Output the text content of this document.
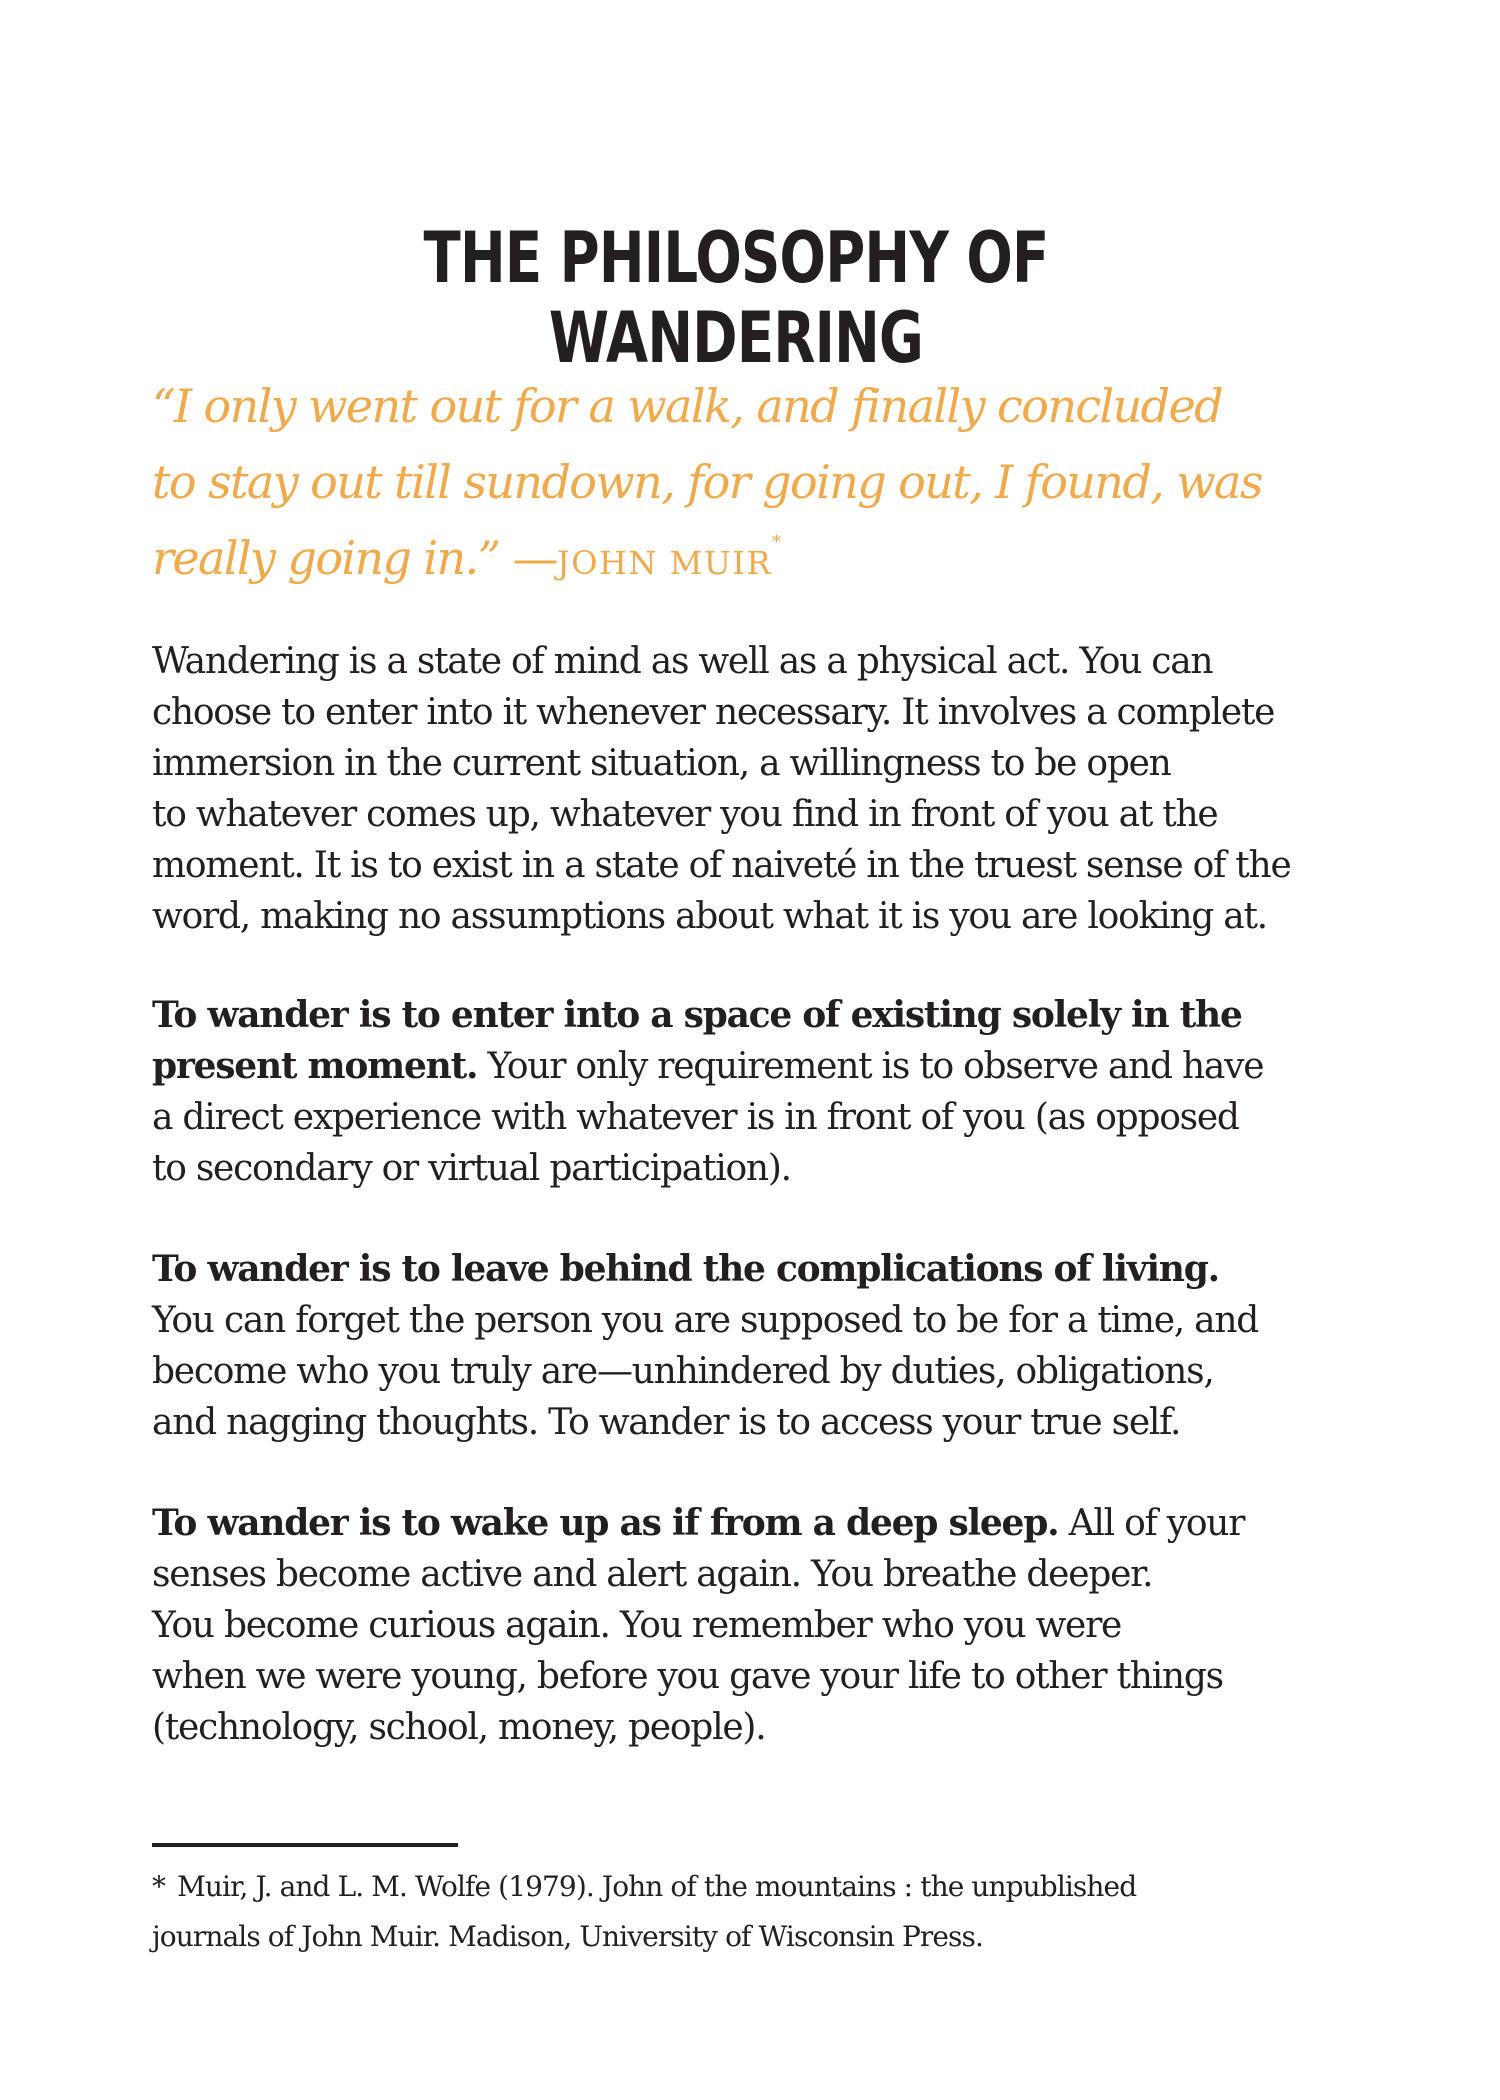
THE PHILOSOPHY OF WANDERING

“I only went out for a walk, and finally concluded
to stay out till sundown, for going out, I found, was
really going in.” —JOHN MUIR*

Wandering is a state of mind as well as a physical act. You can
choose to enter into it whenever necessary. It involves a complete
immersion in the current situation, a willingness to be open
to whatever comes up, whatever you find in front of you at the
moment. It is to exist in a state of naiveté in the truest sense of the
word, making no assumptions about what it is you are looking at.

To wander is to enter into a space of existing solely in the
present moment. Your only requirement is to observe and have
a direct experience with whatever is in front of you (as opposed
to secondary or virtual participation).

To wander is to leave behind the complications of living.
You can forget the person you are supposed to be for a time, and
become who you truly are—unhindered by duties, obligations,
and nagging thoughts. To wander is to access your true self.

To wander is to wake up as if from a deep sleep. All of your
senses become active and alert again. You breathe deeper.
You become curious again. You remember who you were
when we were young, before you gave your life to other things
(technology, school, money, people).

* Muir, J. and L. M. Wolfe (1979). John of the mountains : the unpublished
journals of John Muir. Madison, University of Wisconsin Press.
